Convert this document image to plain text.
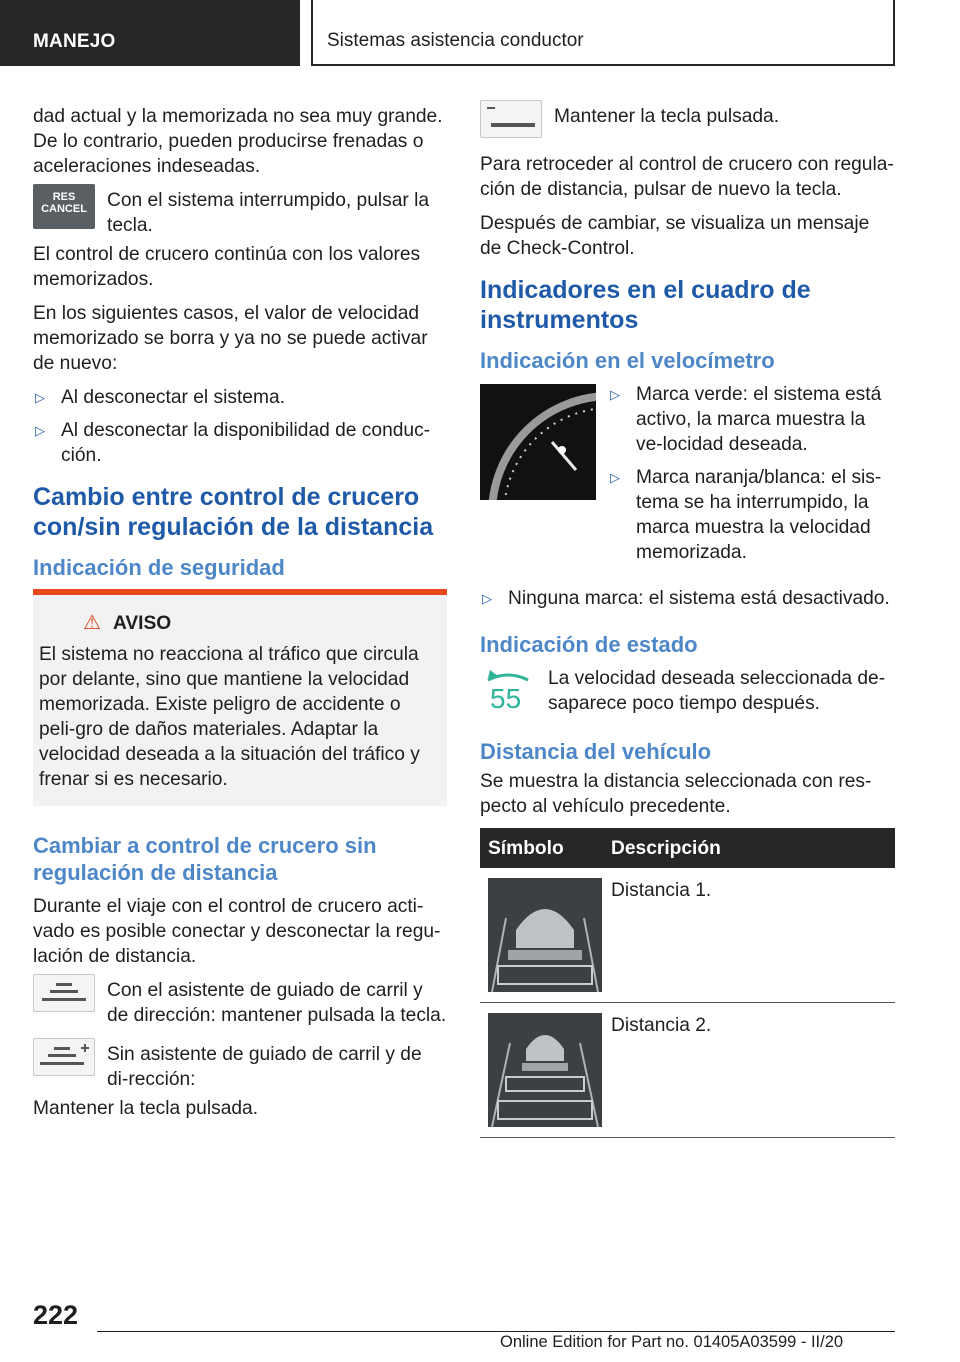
MANEJO	Sistemas asistencia conductor

dad actual y la memorizada no sea muy grande. De lo contrario, pueden producirse frenadas o aceleraciones indeseadas.

RES
CANCEL	Con el sistema interrumpido, pulsar la tecla.

El control de crucero continúa con los valores memorizados.

En los siguientes casos, el valor de velocidad memorizado se borra y ya no se puede activar de nuevo:

▷ Al desconectar el sistema.
▷ Al desconectar la disponibilidad de conduc-ción.
Cambio entre control de crucero con/sin regulación de la distancia
Indicación de seguridad
⚠ AVISO
El sistema no reacciona al tráfico que circula por delante, sino que mantiene la velocidad memorizada. Existe peligro de accidente o peli-gro de daños materiales. Adaptar la velocidad deseada a la situación del tráfico y frenar si es necesario.
Cambiar a control de crucero sin regulación de distancia

Durante el viaje con el control de crucero acti-vado es posible conectar y desconectar la regu-lación de distancia.

Con el asistente de guiado de carril y de dirección: mantener pulsada la tecla.
Sin asistente de guiado de carril y de di-rección:

Mantener la tecla pulsada.

Mantener la tecla pulsada.

Para retroceder al control de crucero con regula-ción de distancia, pulsar de nuevo la tecla.

Después de cambiar, se visualiza un mensaje de Check-Control.

Indicadores en el cuadro de instrumentos
Indicación en el velocímetro
▷ Marca verde: el sistema está activo, la marca muestra la ve-locidad deseada.
▷ Marca naranja/blanca: el sis-tema se ha interrumpido, la marca muestra la velocidad memorizada.
▷ Ninguna marca: el sistema está desactivado.
Indicación de estado
55
La velocidad deseada seleccionada de-saparece poco tiempo después.
Distancia del vehículo

Se muestra la distancia seleccionada con res-pecto al vehículo precedente.

Símbolo	Descripción

	Distancia 1.

	Distancia 2.
222
Online Edition for Part no. 01405A03599 - II/20
